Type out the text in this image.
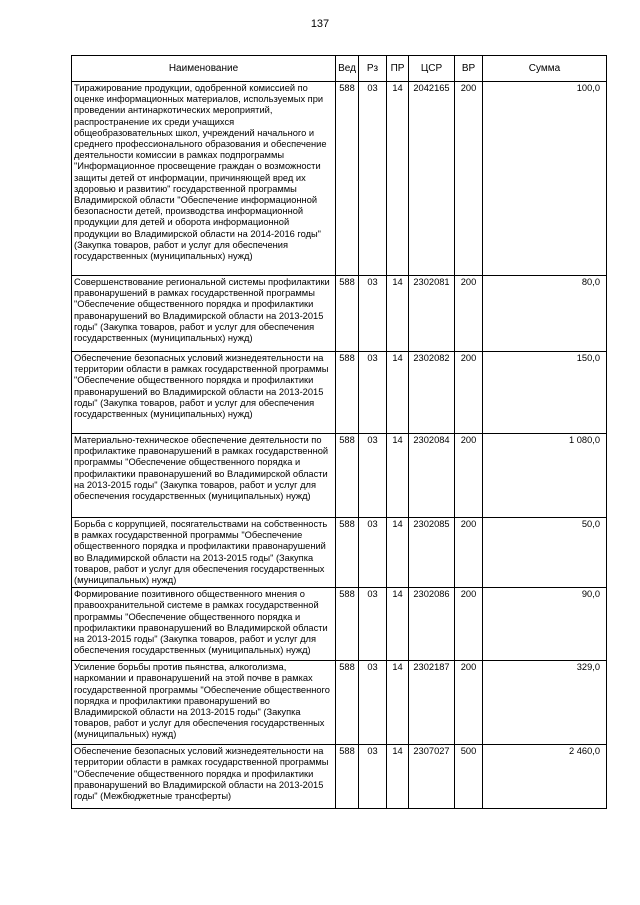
137
Наименование	Вед	Рз	ПР	ЦСР	ВР	Сумма
Тиражирование продукции, одобренной комиссией по оценке информационных материалов, используемых при проведении антинаркотических мероприятий, распространение их среди учащихся общеобразовательных школ, учреждений начального и среднего профессионального образования и обеспечение деятельности комиссии в рамках подпрограммы "Информационное просвещение граждан о возможности защиты детей от информации, причиняющей вред их здоровью и развитию" государственной программы Владимирской области "Обеспечение информационной безопасности детей, производства информационной продукции для детей и оборота информационной продукции во Владимирской области на 2014-2016 годы" (Закупка товаров, работ и услуг для обеспечения государственных (муниципальных) нужд)	588	03	14	2042165	200	100,0
Совершенствование региональной системы профилактики правонарушений в рамках государственной программы "Обеспечение общественного порядка и профилактики правонарушений во Владимирской области на 2013-2015 годы" (Закупка товаров, работ и услуг для обеспечения государственных (муниципальных) нужд)	588	03	14	2302081	200	80,0
Обеспечение безопасных условий жизнедеятельности на территории области в рамках государственной программы "Обеспечение общественного порядка и профилактики правонарушений во Владимирской области на 2013-2015 годы" (Закупка товаров, работ и услуг для обеспечения государственных (муниципальных) нужд)	588	03	14	2302082	200	150,0
Материально-техническое обеспечение деятельности по профилактике правонарушений в рамках государственной программы "Обеспечение общественного порядка и профилактики правонарушений во Владимирской области на 2013-2015 годы" (Закупка товаров, работ и услуг для обеспечения государственных (муниципальных) нужд)	588	03	14	2302084	200	1 080,0
Борьба с коррупцией, посягательствами на собственность в рамках государственной программы "Обеспечение общественного порядка и профилактики правонарушений во Владимирской области на 2013-2015 годы" (Закупка товаров, работ и услуг для обеспечения государственных (муниципальных) нужд)	588	03	14	2302085	200	50,0
Формирование позитивного общественного мнения о правоохранительной системе в рамках государственной программы "Обеспечение общественного порядка и профилактики правонарушений во Владимирской области на 2013-2015 годы" (Закупка товаров, работ и услуг для обеспечения государственных (муниципальных) нужд)	588	03	14	2302086	200	90,0
Усиление борьбы против пьянства, алкоголизма, наркомании и правонарушений на этой почве в рамках государственной программы "Обеспечение общественного порядка и профилактики правонарушений во Владимирской области на 2013-2015 годы" (Закупка товаров, работ и услуг для обеспечения государственных (муниципальных) нужд)	588	03	14	2302187	200	329,0
Обеспечение безопасных условий жизнедеятельности на территории области в рамках государственной программы "Обеспечение общественного порядка и профилактики правонарушений во Владимирской области на 2013-2015 годы" (Межбюджетные трансферты)	588	03	14	2307027	500	2 460,0
